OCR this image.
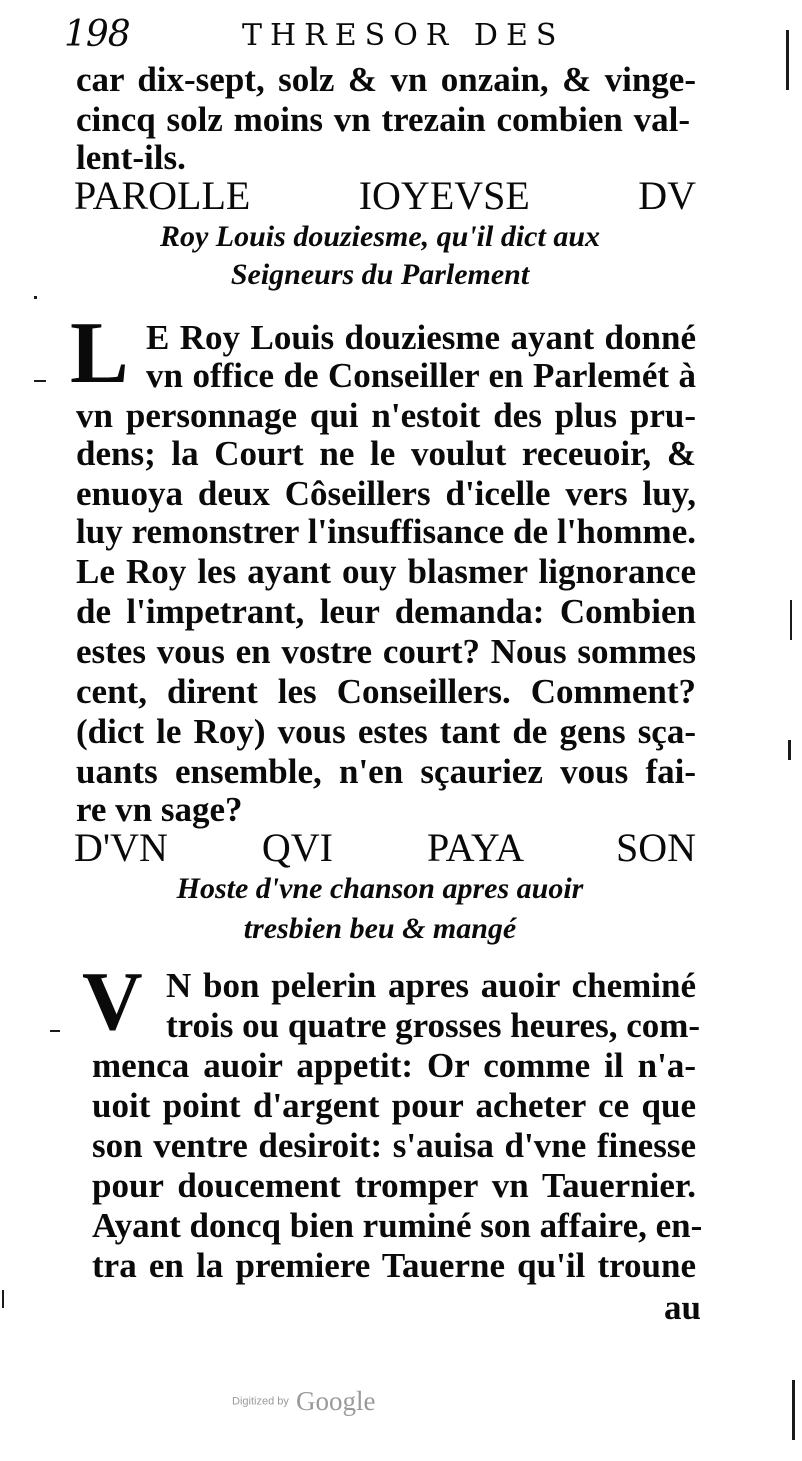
198	THRESOR DES
car dix-sept, solz & vn onzain, & vinge-
cincq solz moins vn trezain combien val-
lent-ils.
PAROLLE IOYEVSE DV
Roy Louis douziesme, qu'il dict aux
Seigneurs du Parlement
L E Roy Louis douziesme ayant donné
vn office de Conseiller en Parlemét à
vn personnage qui n'estoit des plus pru-
dens; la Court ne le voulut receuoir, &
enuoya deux Côseillers d'icelle vers luy,
luy remonstrer l'insuffisance de l'homme.
Le Roy les ayant ouy blasmer lignorance
de l'impetrant, leur demanda: Combien
estes vous en vostre court? Nous sommes
cent, dirent les Conseillers. Comment?
(dict le Roy) vous estes tant de gens sça-
uants ensemble, n'en sçauriez vous fai-
re vn sage?
D'VN QVI PAYA SON
Hoste d'vne chanson apres auoir
tresbien beu & mangé
V N bon pelerin apres auoir cheminé
trois ou quatre grosses heures, com-
menca auoir appetit: Or comme il n'a-
uoit point d'argent pour acheter ce que
son ventre desiroit: s'auisa d'vne finesse
pour doucement tromper vn Tauernier.
Ayant doncq bien ruminé son affaire, en-
tra en la premiere Tauerne qu'il troune
au
Digitized by Google
